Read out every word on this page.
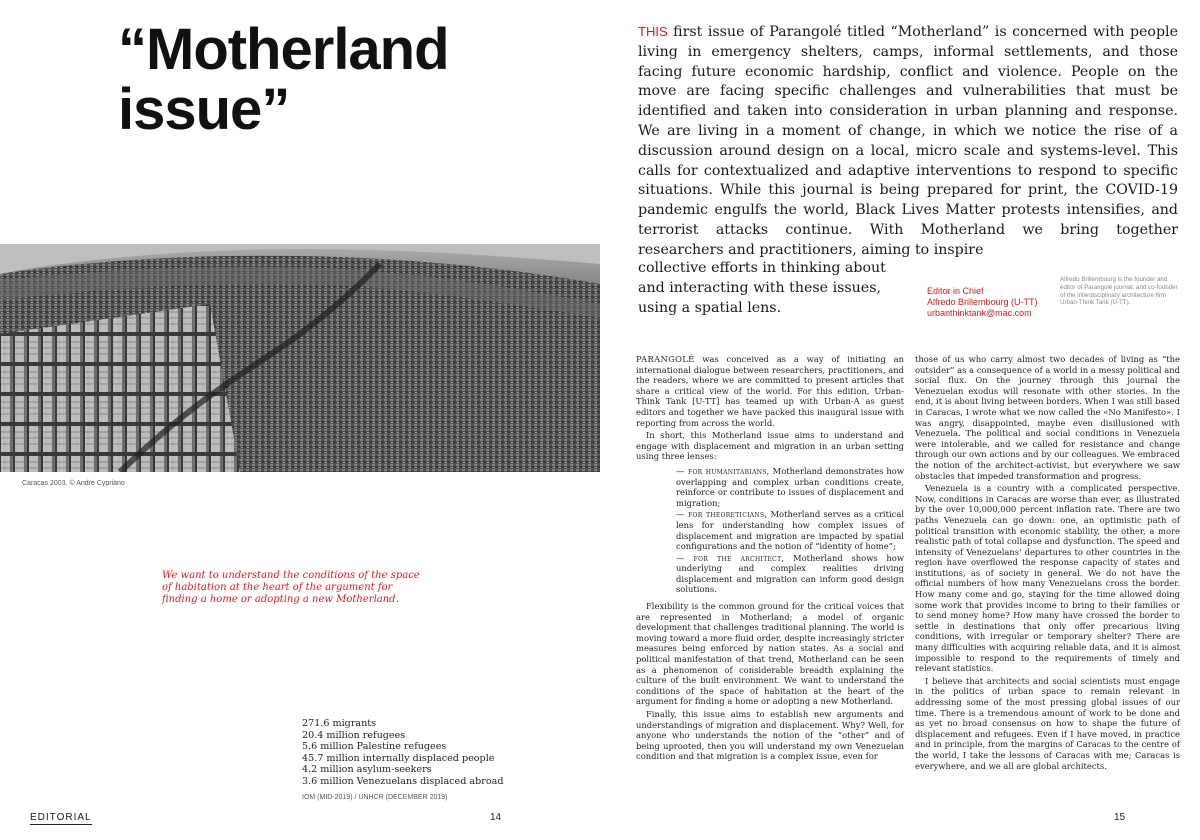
“Motherland issue”
Caracas 2003. © Andre Cypriano
We want to understand the conditions of the space of habitation at the heart of the argument for finding a home or adopting a new Motherland.
271.6 migrants
20.4 million refugees
5.6 million Palestine refugees
45.7 million internally displaced people
4.2 million asylum-seekers
3.6 million Venezuelans displaced abroad
IOM (MID-2019) / UNHCR (DECEMBER 2019)
EDITORIAL	14
THIS first issue of Parangolé titled “Motherland” is concerned with people living in emergency shelters, camps, informal settlements, and those facing future economic hardship, conflict and violence. People on the move are facing specific challenges and vulnerabilities that must be identified and taken into consideration in urban planning and response. We are living in a moment of change, in which we notice the rise of a discussion around design on a local, micro scale and systems-level. This calls for contextualized and adaptive interventions to respond to specific situations. While this journal is being prepared for print, the COVID-19 pandemic engulfs the world, Black Lives Matter protests intensifies, and terrorist attacks continue. With Motherland we bring together researchers and practitioners, aiming to inspire
collective efforts in thinking about and interacting with these issues, using a spatial lens.
Editor in Chief
Alfredo Brillembourg (U-TT)
urbanthinktank@mac.com
Alfredo Brillembourg is the founder and editor of Parangolé journal, and co-founder of the interdisciplinary architecture firm Urban-Think Tank (U-TT).

PARANGOLÉ was conceived as a way of initiating an international dialogue between researchers, practitioners, and the readers, where we are committed to present articles that share a critical view of the world. For this edition, Urban- Think Tank [U-TT] has teamed up with Urban-A as guest editors and together we have packed this inaugural issue with reporting from across the world.

In short, this Motherland issue aims to understand and engage with displacement and migration in an urban setting using three lenses:

— for humanitarians, Motherland demonstrates how overlapping and complex urban conditions create, reinforce or contribute to issues of displacement and migration;

— for theoreticians, Motherland serves as a critical lens for understanding how complex issues of displacement and migration are impacted by spatial configurations and the notion of “identity of home”;

— for the architect, Motherland shows how underlying and complex realities driving displacement and migration can inform good design solutions.

Flexibility is the common ground for the critical voices that are represented in Motherland; a model of organic development that challenges traditional planning. The world is moving toward a more fluid order, despite increasingly stricter measures being enforced by nation states. As a social and political manifestation of that trend, Motherland can be seen as a phenomenon of considerable breadth explaining the culture of the built environment. We want to understand the conditions of the space of habitation at the heart of the argument for finding a home or adopting a new Motherland.

Finally, this issue aims to establish new arguments and understandings of migration and displacement. Why? Well, for anyone who understands the notion of the “other” and of being uprooted, then you will understand my own Venezuelan condition and that migration is a complex issue, even for

those of us who carry almost two decades of living as “the outsider” as a consequence of a world in a messy political and social flux. On the journey through this journal the Venezuelan exodus will resonate with other stories. In the end, it is about living between borders. When I was still based in Caracas, I wrote what we now called the «No Manifesto». I was angry, disappointed, maybe even disillusioned with Venezuela. The political and social conditions in Venezuela were intolerable, and we called for resistance and change through our own actions and by our colleagues. We embraced the notion of the architect-activist, but everywhere we saw obstacles that impeded transformation and progress.

Venezuela is a country with a complicated perspective. Now, conditions in Caracas are worse than ever, as illustrated by the over 10,000,000 percent inflation rate. There are two paths Venezuela can go down: one, an optimistic path of political transition with economic stability, the other, a more realistic path of total collapse and dysfunction. The speed and intensity of Venezuelans' departures to other countries in the region have overflowed the response capacity of states and institutions, as of society in general. We do not have the official numbers of how many Venezuelans cross the border. How many come and go, staying for the time allowed doing some work that provides income to bring to their families or to send money home? How many have crossed the border to settle in destinations that only offer precarious living conditions, with irregular or temporary shelter? There are many difficulties with acquiring reliable data, and it is almost impossible to respond to the requirements of timely and relevant statistics.

I believe that architects and social scientists must engage in the politics of urban space to remain relevant in addressing some of the most pressing global issues of our time. There is a tremendous amount of work to be done and as yet no broad consensus on how to shape the future of displacement and refugees. Even if I have moved, in practice and in principle, from the margins of Caracas to the centre of the world, I take the lessons of Caracas with me; Caracas is everywhere, and we all are global architects.

15
